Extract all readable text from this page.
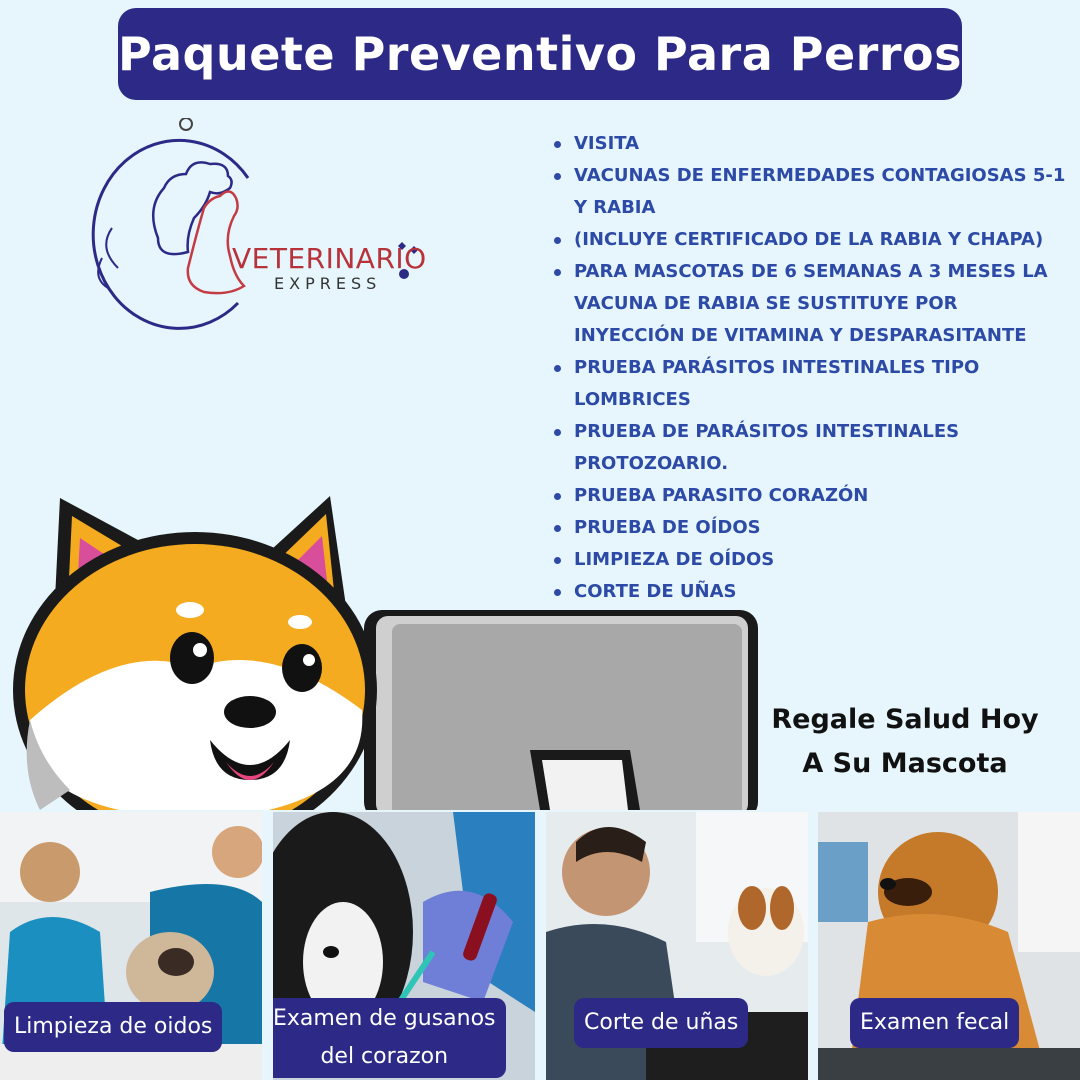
Paquete Preventivo Para Perros
VETERINARIO
EXPRESS
VISITA
VACUNAS DE ENFERMEDADES CONTAGIOSAS 5-1 Y RABIA
(INCLUYE CERTIFICADO DE LA RABIA Y CHAPA)
PARA MASCOTAS DE 6 SEMANAS A 3 MESES LA VACUNA DE RABIA SE SUSTITUYE POR INYECCIÓN DE VITAMINA Y DESPARASITANTE
PRUEBA PARÁSITOS INTESTINALES TIPO LOMBRICES
PRUEBA DE PARÁSITOS INTESTINALES PROTOZOARIO.
PRUEBA PARASITO CORAZÓN
PRUEBA DE OÍDOS
LIMPIEZA DE OÍDOS
CORTE DE UÑAS
Regale Salud Hoy
A Su Mascota
Limpieza de oidos	Examen de gusanos
del corazon
Corte de uñas	Examen fecal
